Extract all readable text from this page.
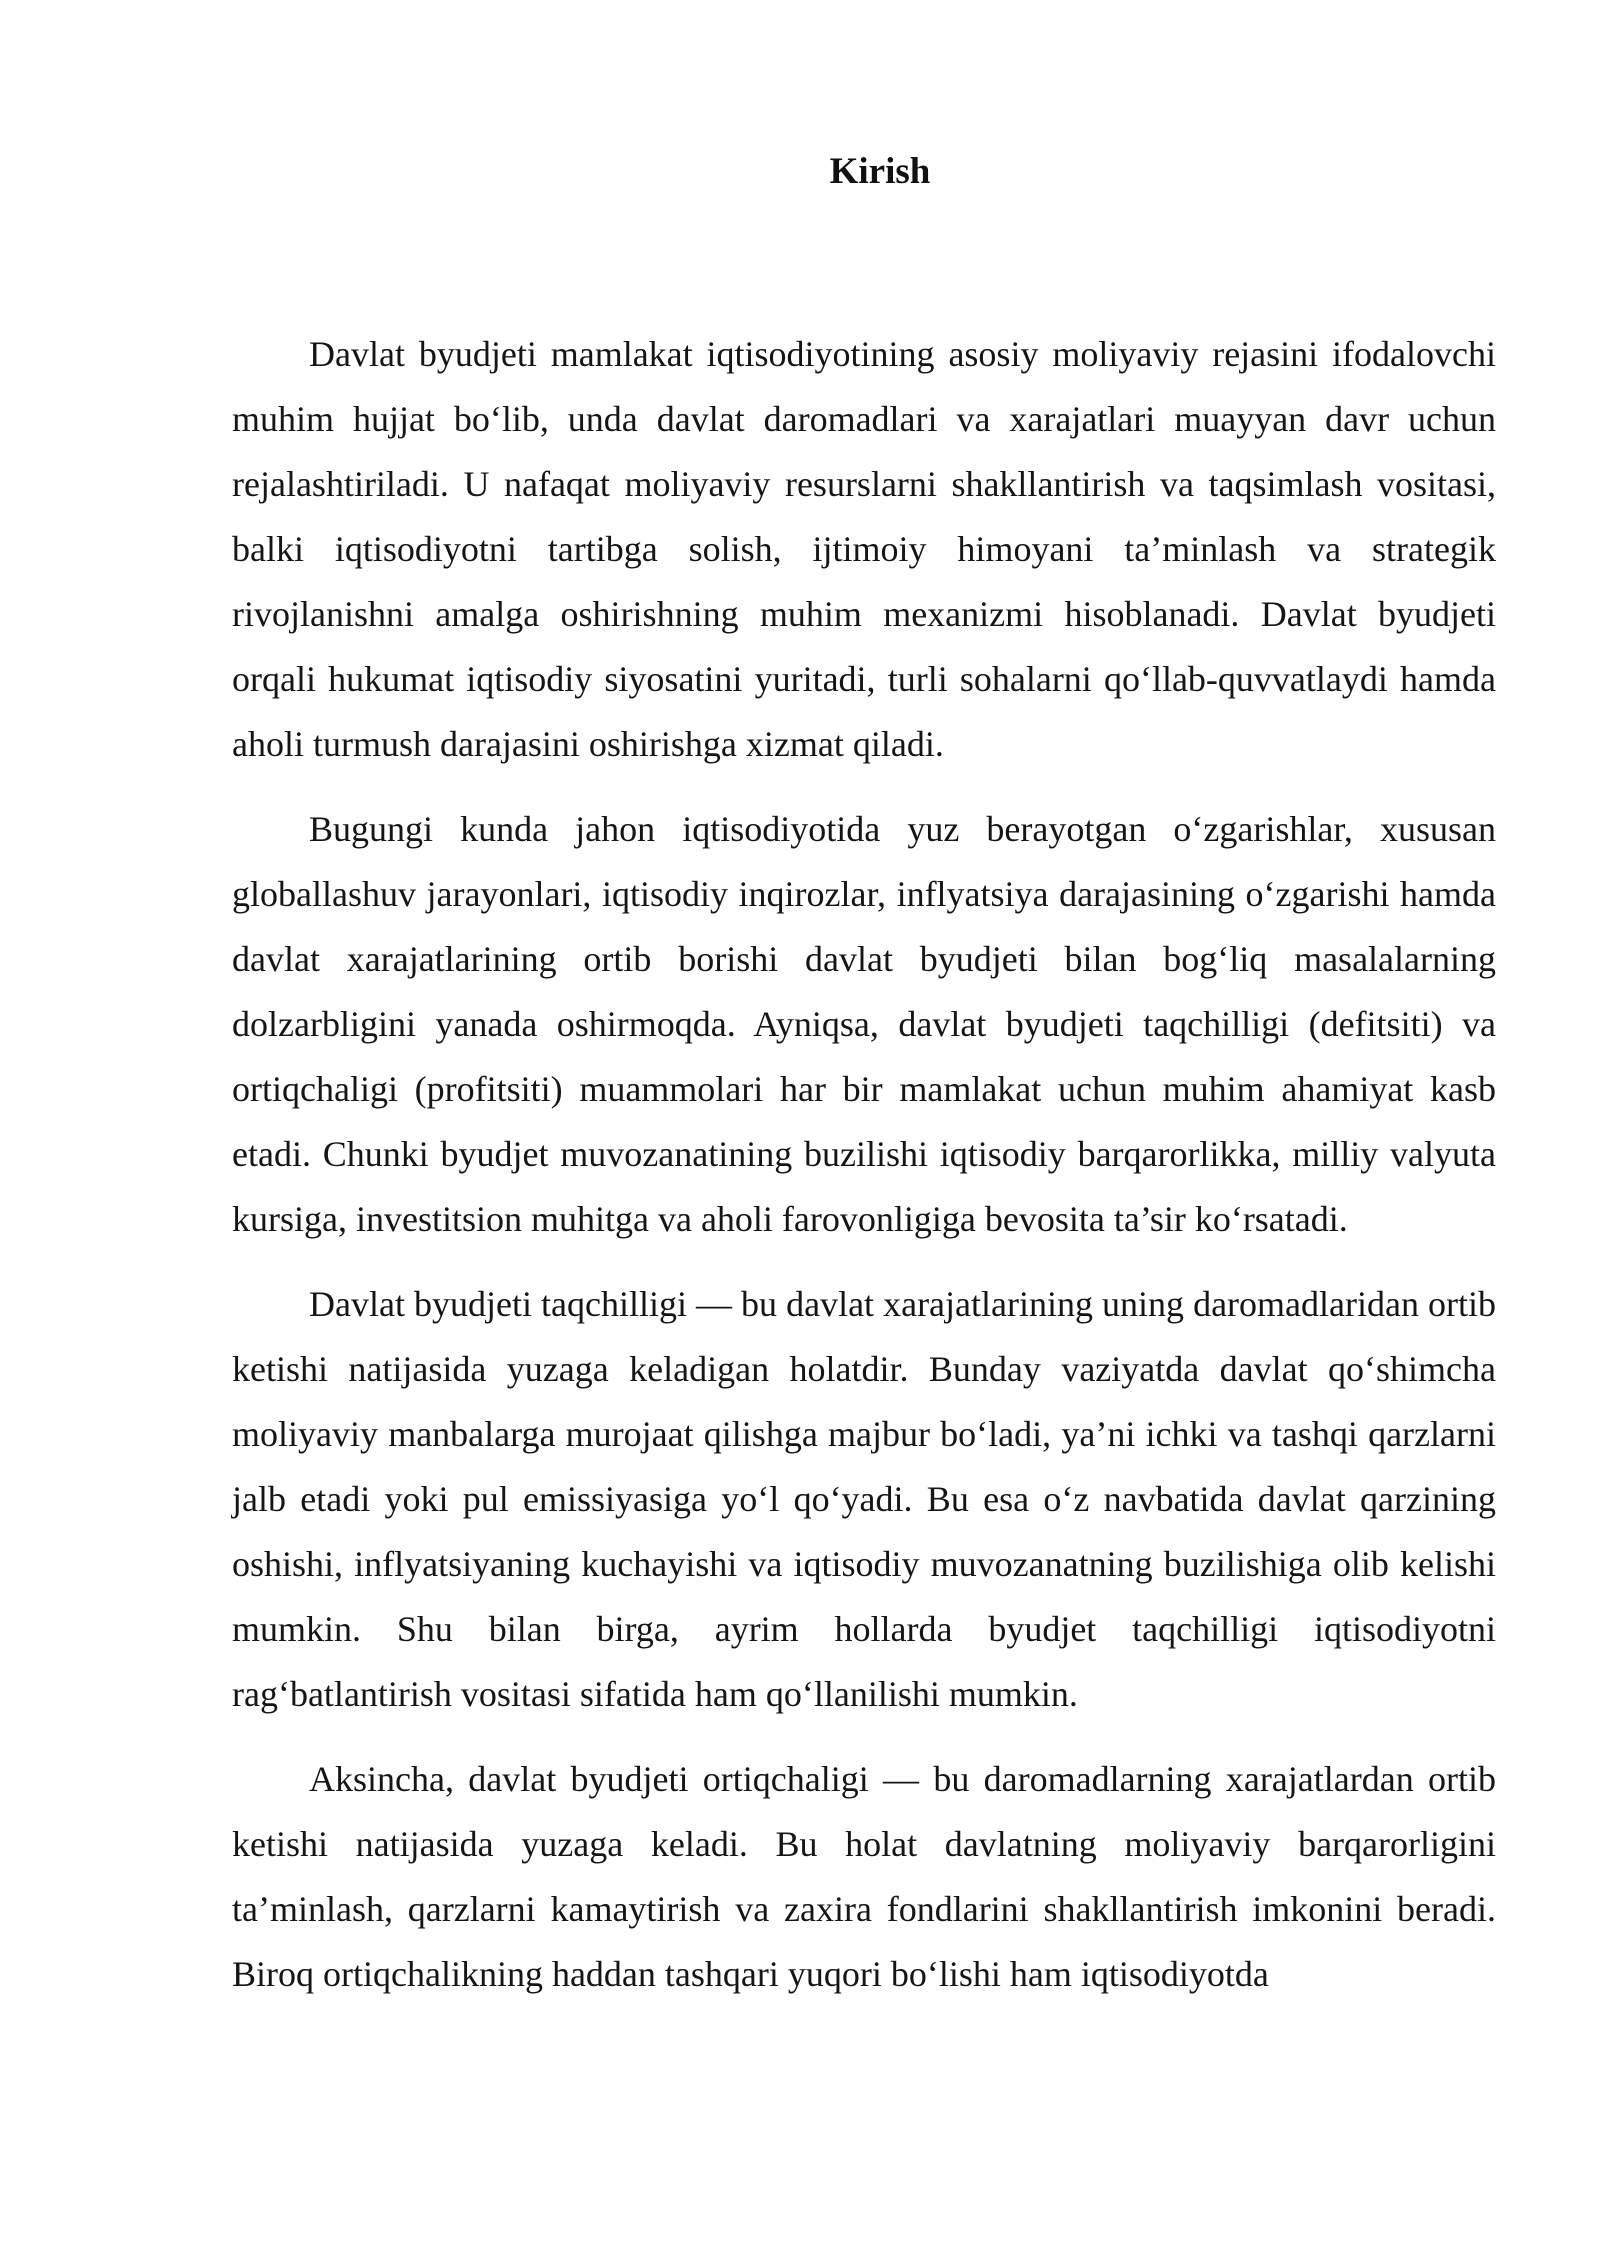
Kirish

Davlat byudjeti mamlakat iqtisodiyotining asosiy moliyaviy rejasini ifodalovchi muhim hujjat bo‘lib, unda davlat daromadlari va xarajatlari muayyan davr uchun rejalashtiriladi. U nafaqat moliyaviy resurslarni shakllantirish va taqsimlash vositasi, balki iqtisodiyotni tartibga solish, ijtimoiy himoyani ta’minlash va strategik rivojlanishni amalga oshirishning muhim mexanizmi hisoblanadi. Davlat byudjeti orqali hukumat iqtisodiy siyosatini yuritadi, turli sohalarni qo‘llab-quvvatlaydi hamda aholi turmush darajasini oshirishga xizmat qiladi.

Bugungi kunda jahon iqtisodiyotida yuz berayotgan o‘zgarishlar, xususan globallashuv jarayonlari, iqtisodiy inqirozlar, inflyatsiya darajasining o‘zgarishi hamda davlat xarajatlarining ortib borishi davlat byudjeti bilan bog‘liq masalalarning dolzarbligini yanada oshirmoqda. Ayniqsa, davlat byudjeti taqchilligi (defitsiti) va ortiqchaligi (profitsiti) muammolari har bir mamlakat uchun muhim ahamiyat kasb etadi. Chunki byudjet muvozanatining buzilishi iqtisodiy barqarorlikka, milliy valyuta kursiga, investitsion muhitga va aholi farovonligiga bevosita ta’sir ko‘rsatadi.

Davlat byudjeti taqchilligi — bu davlat xarajatlarining uning daromadlaridan ortib ketishi natijasida yuzaga keladigan holatdir. Bunday vaziyatda davlat qo‘shimcha moliyaviy manbalarga murojaat qilishga majbur bo‘ladi, ya’ni ichki va tashqi qarzlarni jalb etadi yoki pul emissiyasiga yo‘l qo‘yadi. Bu esa o‘z navbatida davlat qarzining oshishi, inflyatsiyaning kuchayishi va iqtisodiy muvozanatning buzilishiga olib kelishi mumkin. Shu bilan birga, ayrim hollarda byudjet taqchilligi iqtisodiyotni rag‘batlantirish vositasi sifatida ham qo‘llanilishi mumkin.

Aksincha, davlat byudjeti ortiqchaligi — bu daromadlarning xarajatlardan ortib ketishi natijasida yuzaga keladi. Bu holat davlatning moliyaviy barqarorligini ta’minlash, qarzlarni kamaytirish va zaxira fondlarini shakllantirish imkonini beradi. Biroq ortiqchalikning haddan tashqari yuqori bo‘lishi ham iqtisodiyotda
